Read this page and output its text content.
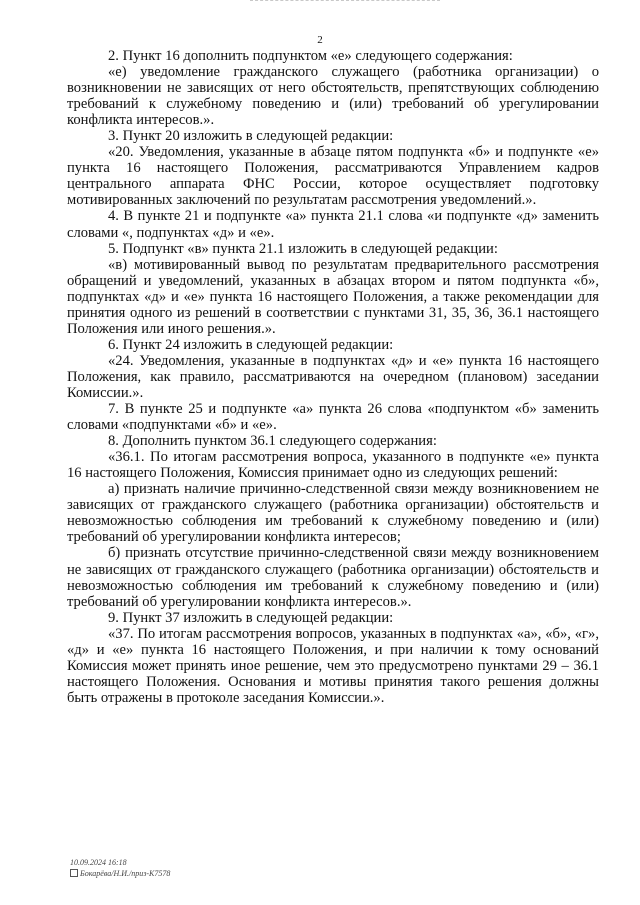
2

2. Пункт 16 дополнить подпунктом «е» следующего содержания:

«е) уведомление гражданского служащего (работника организации) о возникновении не зависящих от него обстоятельств, препятствующих соблюдению требований к служебному поведению и (или) требований об урегулировании конфликта интересов.».

3. Пункт 20 изложить в следующей редакции:

«20. Уведомления, указанные в абзаце пятом подпункта «б» и подпункте «е» пункта 16 настоящего Положения, рассматриваются Управлением кадров центрального аппарата ФНС России, которое осуществляет подготовку мотивированных заключений по результатам рассмотрения уведомлений.».

4. В пункте 21 и подпункте «а» пункта 21.1 слова «и подпункте «д» заменить словами «, подпунктах «д» и «е».

5. Подпункт «в» пункта 21.1 изложить в следующей редакции:

«в) мотивированный вывод по результатам предварительного рассмотрения обращений и уведомлений, указанных в абзацах втором и пятом подпункта «б», подпунктах «д» и «е» пункта 16 настоящего Положения, а также рекомендации для принятия одного из решений в соответствии с пунктами 31, 35, 36, 36.1 настоящего Положения или иного решения.».

6. Пункт 24 изложить в следующей редакции:

«24. Уведомления, указанные в подпунктах «д» и «е» пункта 16 настоящего Положения, как правило, рассматриваются на очередном (плановом) заседании Комиссии.».

7. В пункте 25 и подпункте «а» пункта 26 слова «подпунктом «б» заменить словами «подпунктами «б» и «е».

8. Дополнить пунктом 36.1 следующего содержания:

«36.1. По итогам рассмотрения вопроса, указанного в подпункте «е» пункта 16 настоящего Положения, Комиссия принимает одно из следующих решений:

а) признать наличие причинно-следственной связи между возникновением не зависящих от гражданского служащего (работника организации) обстоятельств и невозможностью соблюдения им требований к служебному поведению и (или) требований об урегулировании конфликта интересов;

б) признать отсутствие причинно-следственной связи между возникновением не зависящих от гражданского служащего (работника организации) обстоятельств и невозможностью соблюдения им требований к служебному поведению и (или) требований об урегулировании конфликта интересов.».

9. Пункт 37 изложить в следующей редакции:

«37. По итогам рассмотрения вопросов, указанных в подпунктах «а», «б», «г», «д» и «е» пункта 16 настоящего Положения, и при наличии к тому оснований Комиссия может принять иное решение, чем это предусмотрено пунктами 29 – 36.1 настоящего Положения. Основания и мотивы принятия такого решения должны быть отражены в протоколе заседания Комиссии.».

10.09.2024 16:18
Бокарёва/Н.И./приз-К7578
